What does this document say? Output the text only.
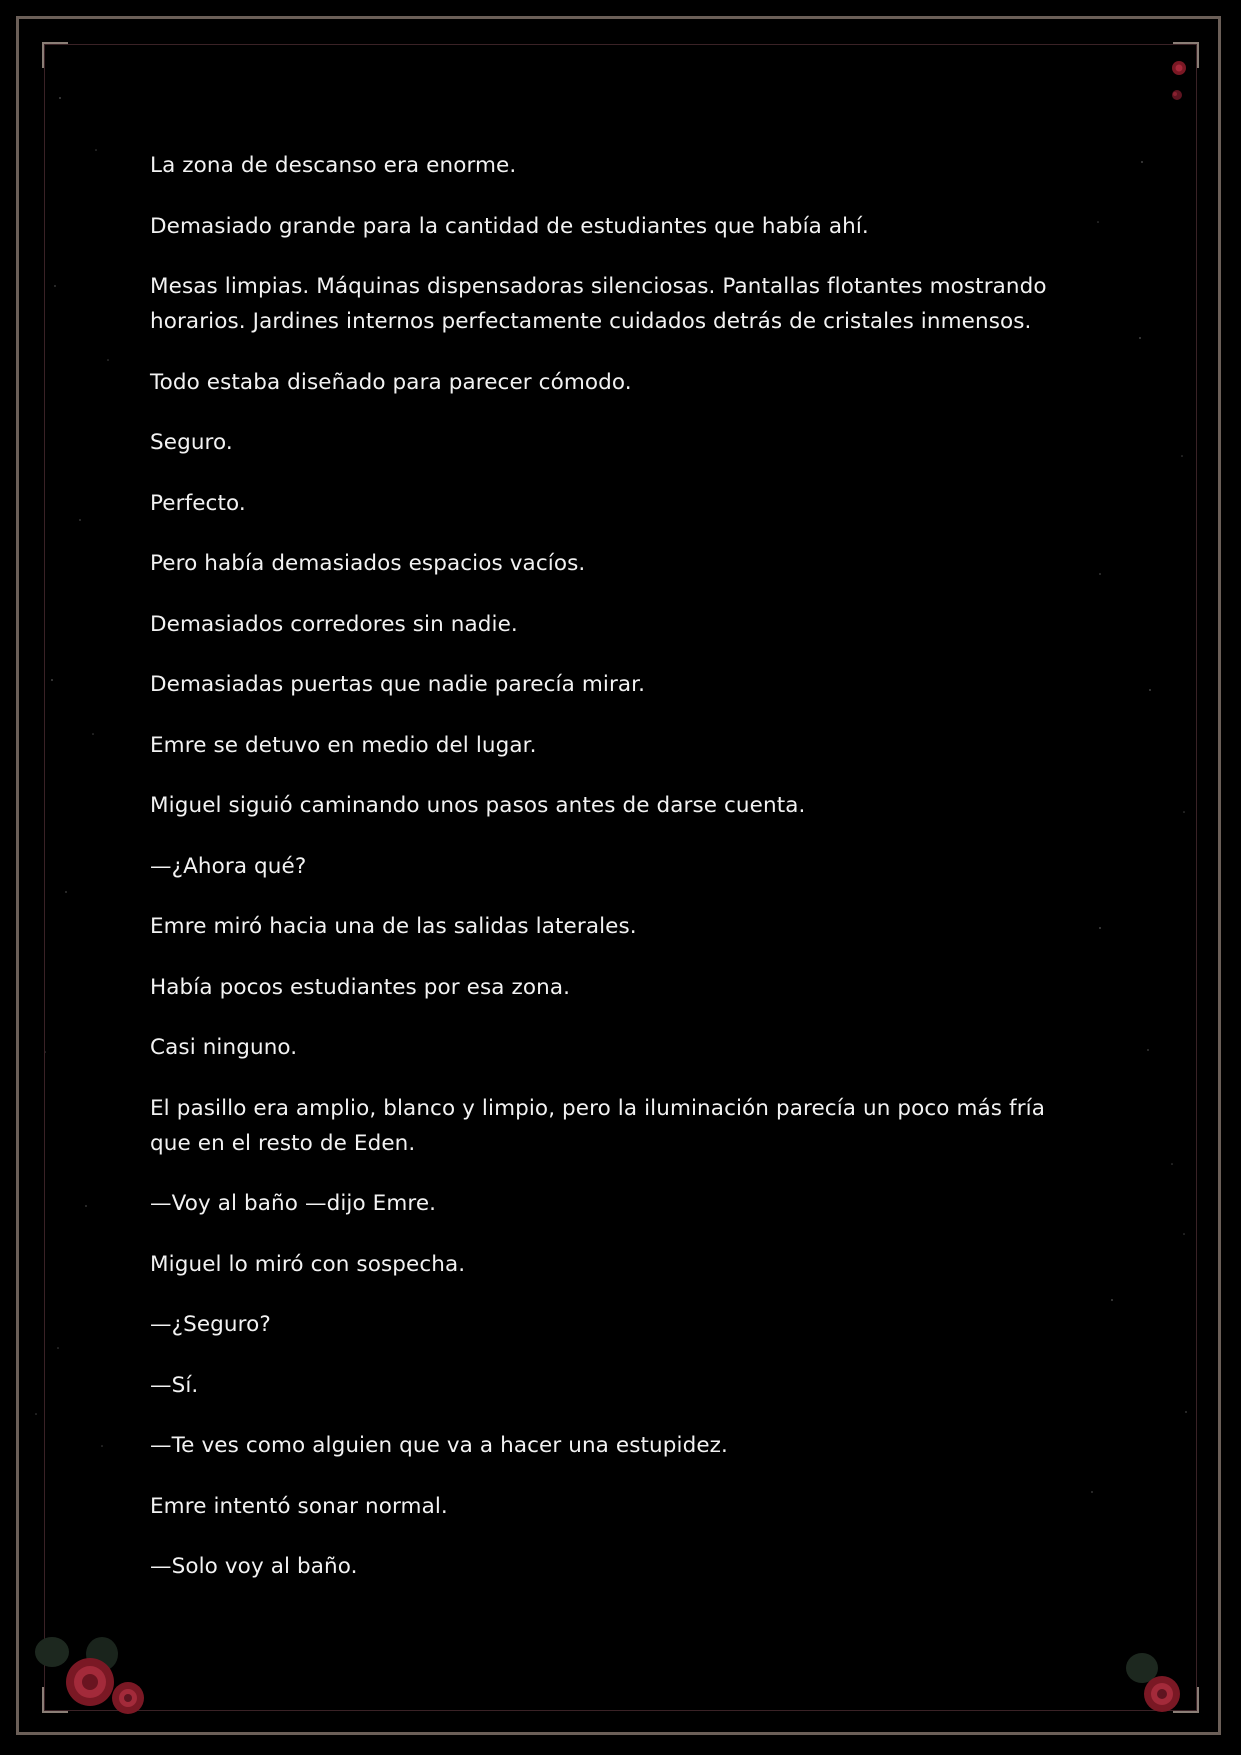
La zona de descanso era enorme.

Demasiado grande para la cantidad de estudiantes que había ahí.

Mesas limpias. Máquinas dispensadoras silenciosas. Pantallas flotantes mostrando horarios. Jardines internos perfectamente cuidados detrás de cristales inmensos.

Todo estaba diseñado para parecer cómodo.

Seguro.

Perfecto.

Pero había demasiados espacios vacíos.

Demasiados corredores sin nadie.

Demasiadas puertas que nadie parecía mirar.

Emre se detuvo en medio del lugar.

Miguel siguió caminando unos pasos antes de darse cuenta.

—¿Ahora qué?

Emre miró hacia una de las salidas laterales.

Había pocos estudiantes por esa zona.

Casi ninguno.

El pasillo era amplio, blanco y limpio, pero la iluminación parecía un poco más fría que en el resto de Eden.

—Voy al baño —dijo Emre.

Miguel lo miró con sospecha.

—¿Seguro?

—Sí.

—Te ves como alguien que va a hacer una estupidez.

Emre intentó sonar normal.

—Solo voy al baño.
